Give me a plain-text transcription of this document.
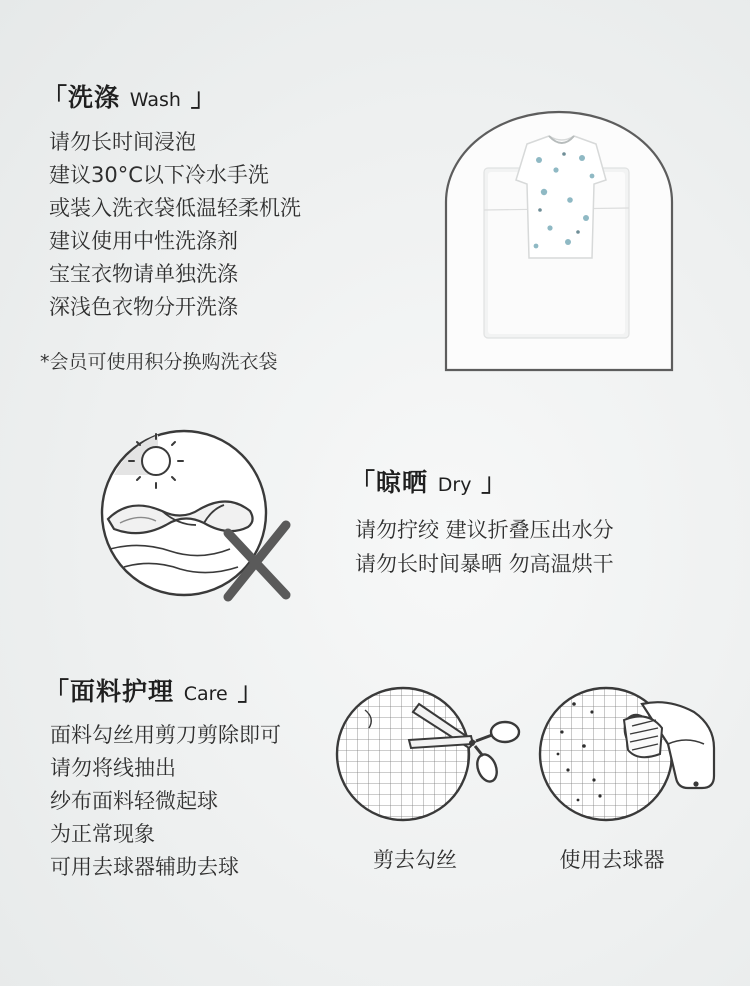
「洗涤 Wash 」
请勿长时间浸泡
建议30°C以下冷水手洗
或装入洗衣袋低温轻柔机洗
建议使用中性洗涤剂
宝宝衣物请单独洗涤
深浅色衣物分开洗涤
*会员可使用积分换购洗衣袋
「晾晒 Dry 」
请勿拧绞 建议折叠压出水分
请勿长时间暴晒 勿高温烘干
「面料护理 Care 」
面料勾丝用剪刀剪除即可
请勿将线抽出
纱布面料轻微起球
为正常现象
可用去球器辅助去球	剪去勾丝	使用去球器
